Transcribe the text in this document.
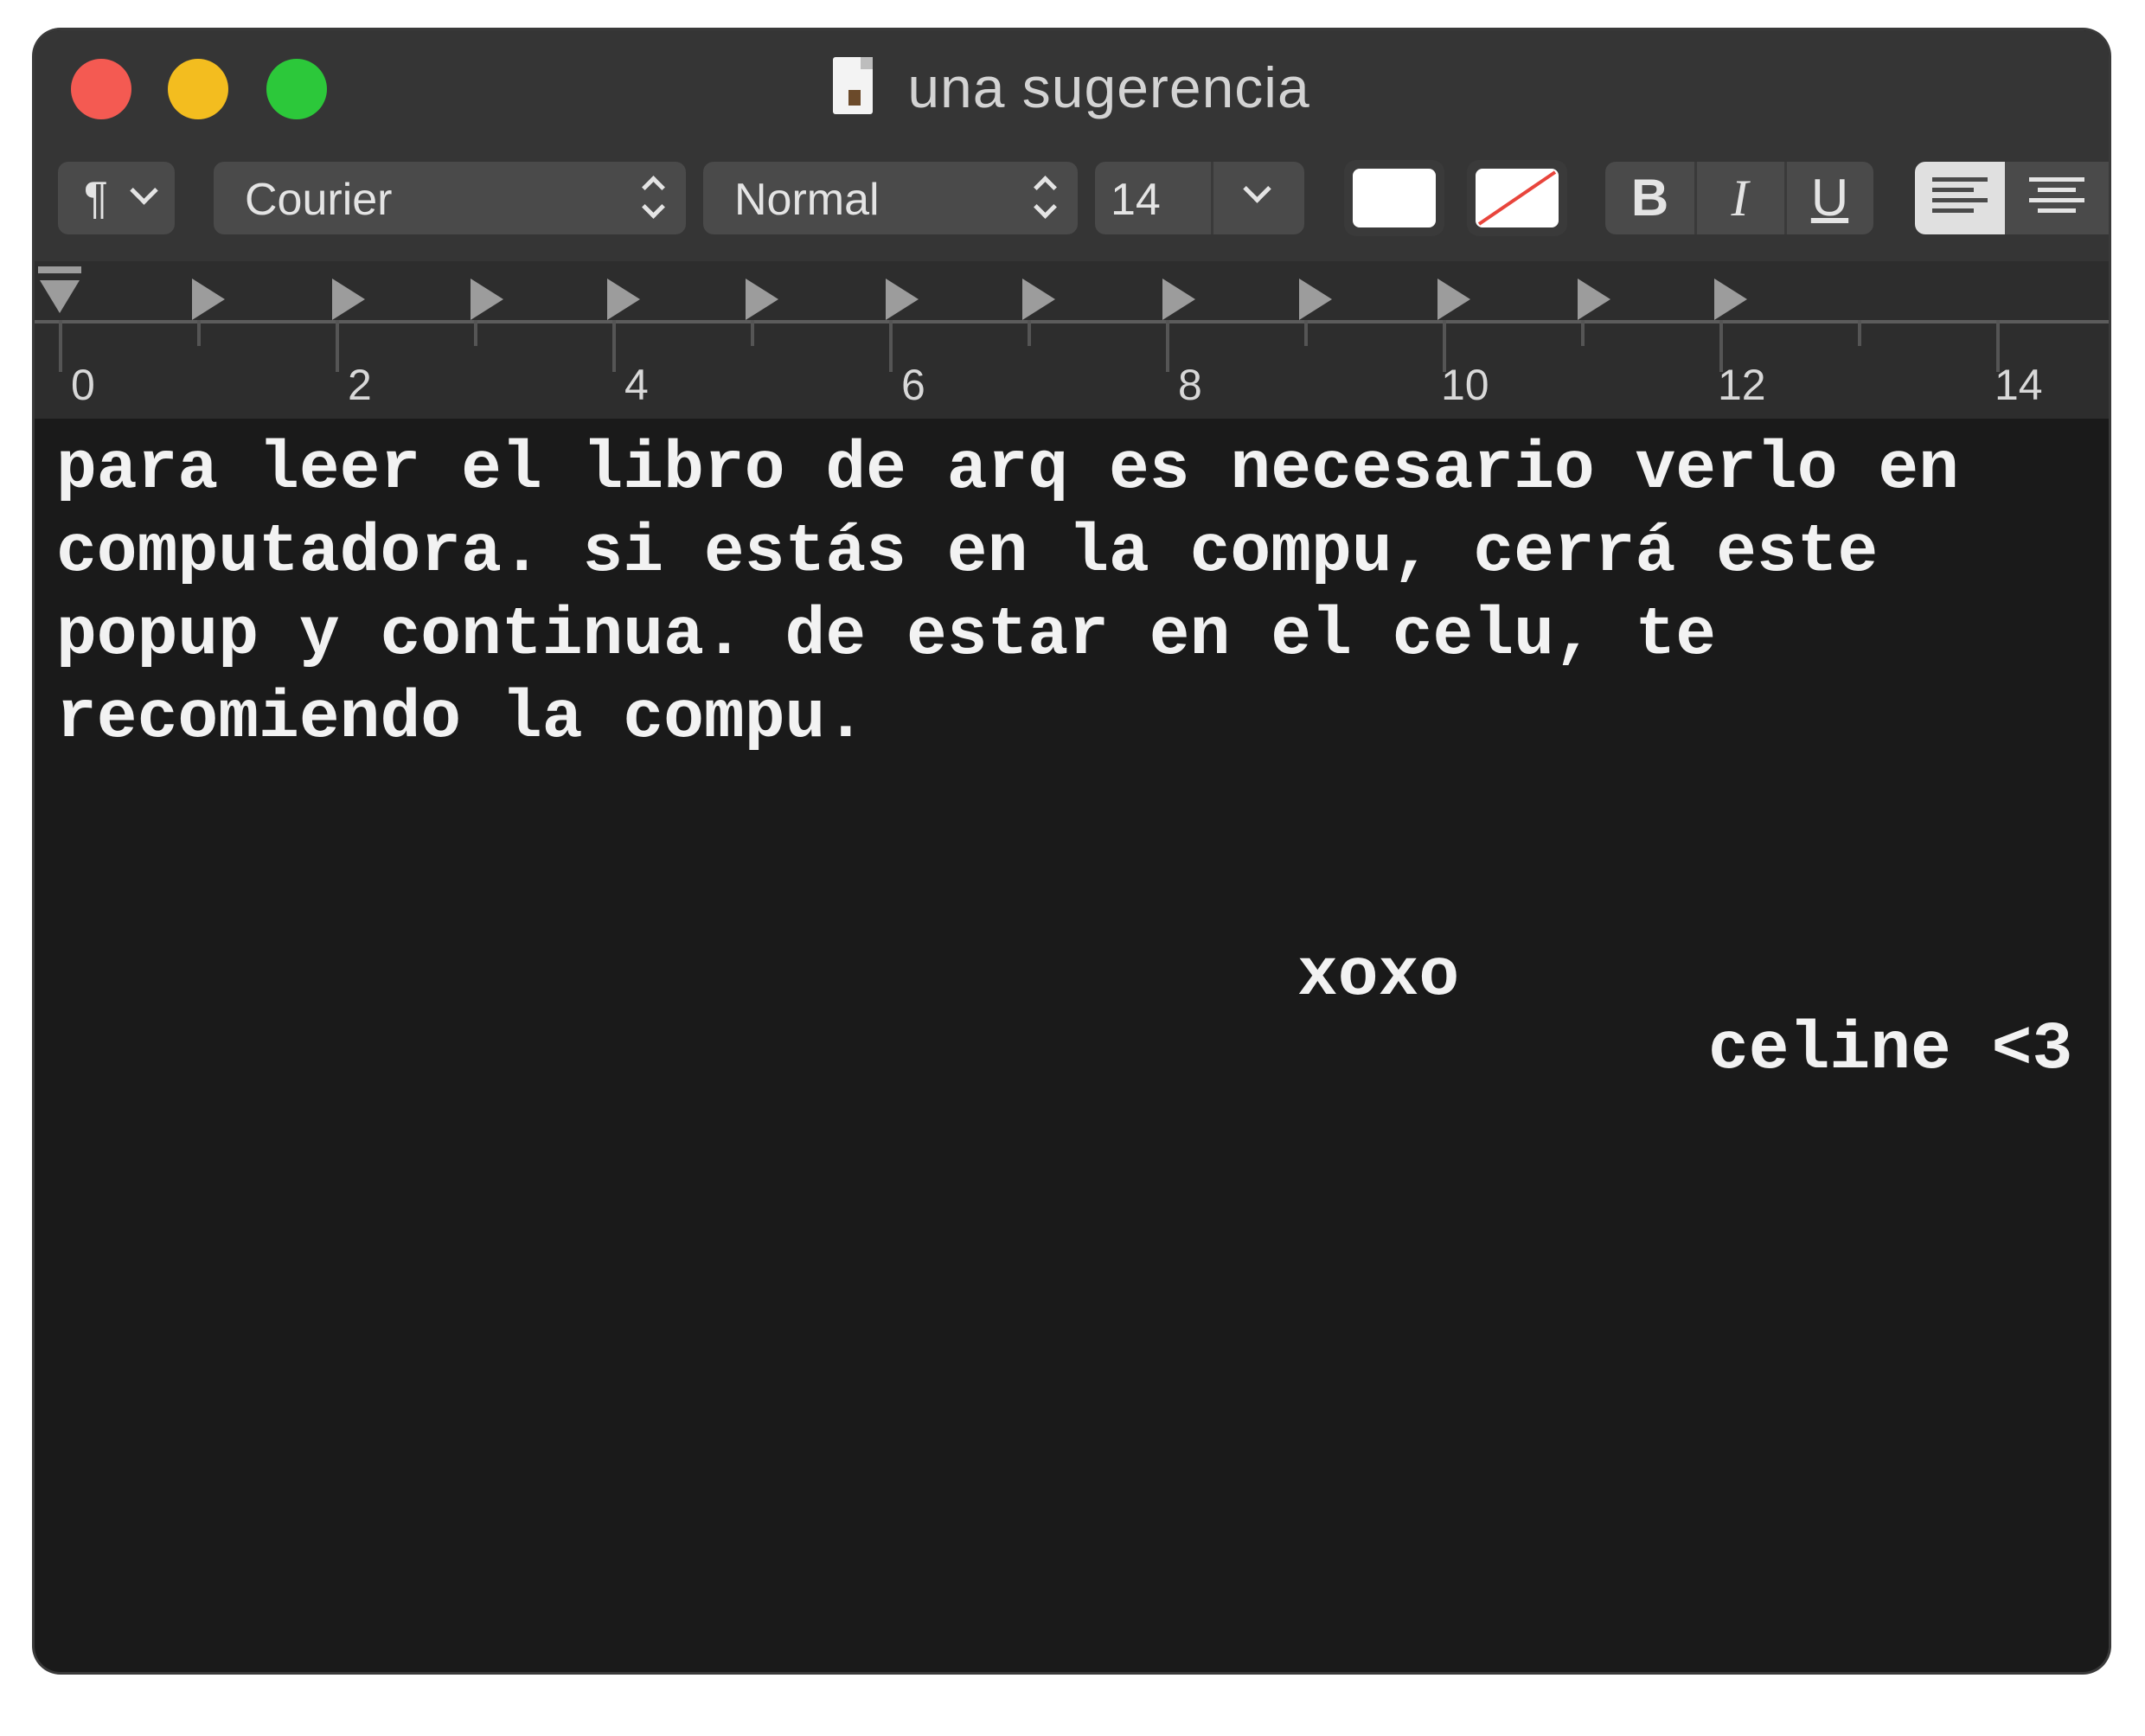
una sugerencia
¶	Courier	Normal	14	B	I	U
0	2	4	6	8	10	12	14
para leer el libro de arq es necesario verlo en
computadora. si estás en la compu, cerrá este
popup y continua. de estar en el celu, te
recomiendo la compu.
xoxo
celine <3
